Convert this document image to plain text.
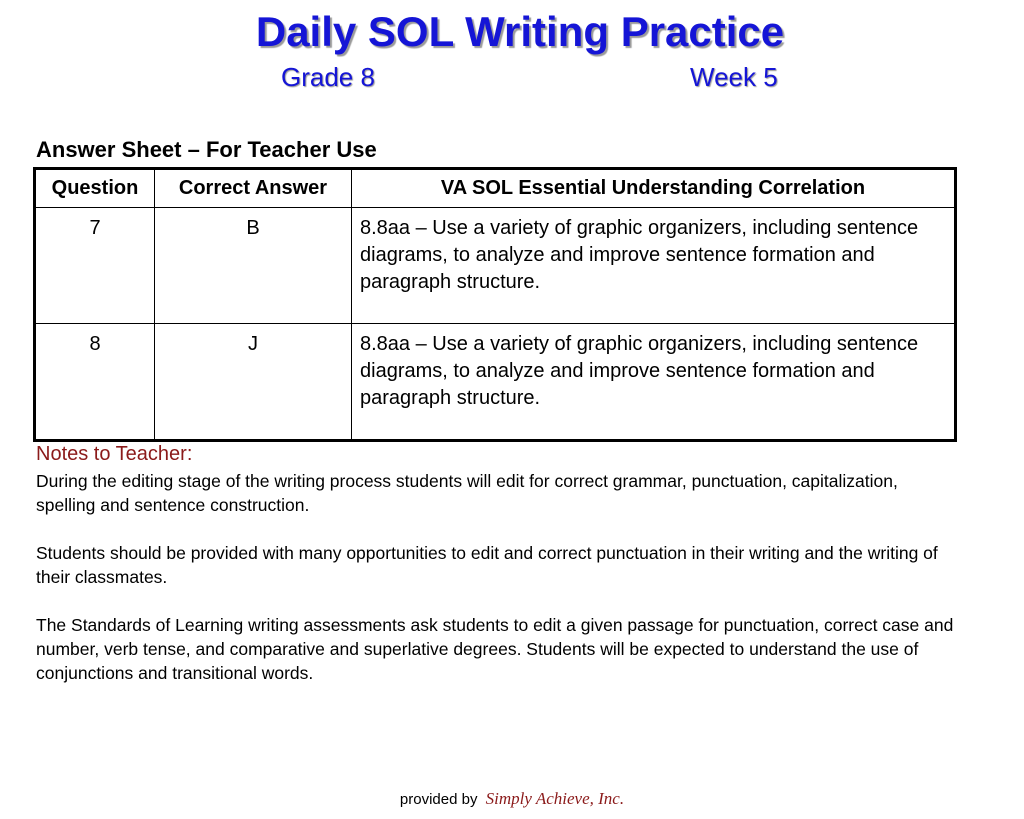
Daily SOL Writing Practice
Grade 8	Week 5
Answer Sheet – For Teacher Use
Question	Correct Answer	VA SOL Essential Understanding Correlation
7	B	8.8aa – Use a variety of graphic organizers, including sentence diagrams, to analyze and improve sentence formation and paragraph structure.
8	J	8.8aa – Use a variety of graphic organizers, including sentence diagrams, to analyze and improve sentence formation and paragraph structure.
Notes to Teacher:

During the editing stage of the writing process students will edit for correct grammar, punctuation, capitalization, spelling and sentence construction.

Students should be provided with many opportunities to edit and correct punctuation in their writing and the writing of their classmates.

The Standards of Learning writing assessments ask students to edit a given passage for punctuation, correct case and number, verb tense, and comparative and superlative degrees. Students will be expected to understand the use of conjunctions and transitional words.

provided by Simply Achieve, Inc.
